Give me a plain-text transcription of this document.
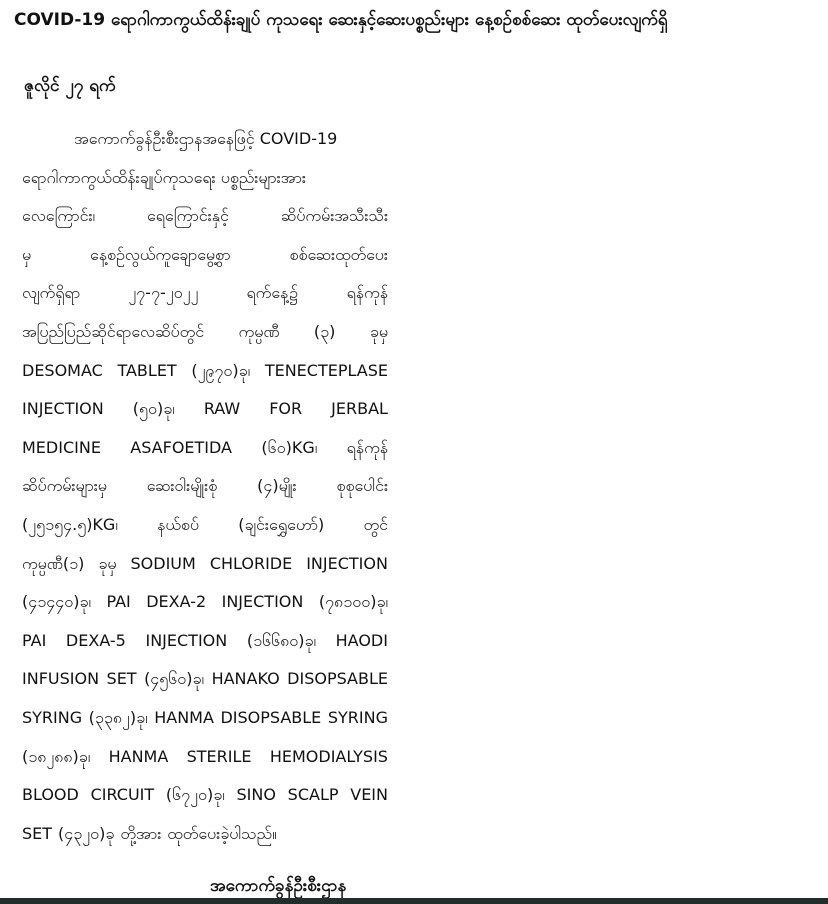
COVID-19 ရောဂါကာကွယ်ထိန်းချုပ် ကုသရေး ဆေးနှင့်ဆေးပစ္စည်းများ နေ့စဉ်စစ်ဆေး ထုတ်ပေးလျက်ရှိ
ဇူလိုင် ၂၇ ရက်
အကောက်ခွန်ဦးစီးဌာနအနေဖြင့် COVID-19
ရောဂါကာကွယ်ထိန်းချုပ်ကုသရေး ပစ္စည်းများအား
လေကြောင်း၊	ရေကြောင်းနှင့်	ဆိပ်ကမ်းအသီးသီး
မှ	နေ့စဉ်လွယ်ကူချောမွေ့စွာ	စစ်ဆေးထုတ်ပေး
လျက်ရှိရာ	၂၇-၇-၂၀၂၂	ရက်နေ့၌	ရန်ကုန်
အပြည်ပြည်ဆိုင်ရာလေဆိပ်တွင် ကုမ္ပဏီ (၃) ခုမှ
DESOMAC TABLET (၂၉၇၀)ခု၊ TENECTEPLASE
INJECTION (၅၀)ခု၊ RAW FOR JERBAL
MEDICINE ASAFOETIDA (၆၀)KG၊ ရန်ကုန်
ဆိပ်ကမ်းများမှ ဆေးဝါးမျိုးစုံ (၄)မျိုး စုစုပေါင်း
(၂၅၁၅၄.၅)KG၊ နယ်စပ် (ချင်းရွှေဟော်) တွင်
ကုမ္ပဏီ(၁) ခုမှ SODIUM CHLORIDE INJECTION
(၄၁၄၄၀)ခု၊ PAI DEXA-2 INJECTION (၇၈၁၀၀)ခု၊
PAI DEXA-5 INJECTION (၁၆၆၈၀)ခု၊ HAODI
INFUSION SET (၄၅၆၀)ခု၊ HANAKO DISOPSABLE
SYRING (၃၃၈၂)ခု၊ HANMA DISOPSABLE SYRING
(၁၈၂၈၈)ခု၊ HANMA STERILE HEMODIALYSIS
BLOOD CIRCUIT (၆၇၂၀)ခု၊ SINO SCALP VEIN
SET (၄၃၂၀)ခု တို့အား ထုတ်ပေးခဲ့ပါသည်။
အကောက်ခွန်ဦးစီးဌာန
